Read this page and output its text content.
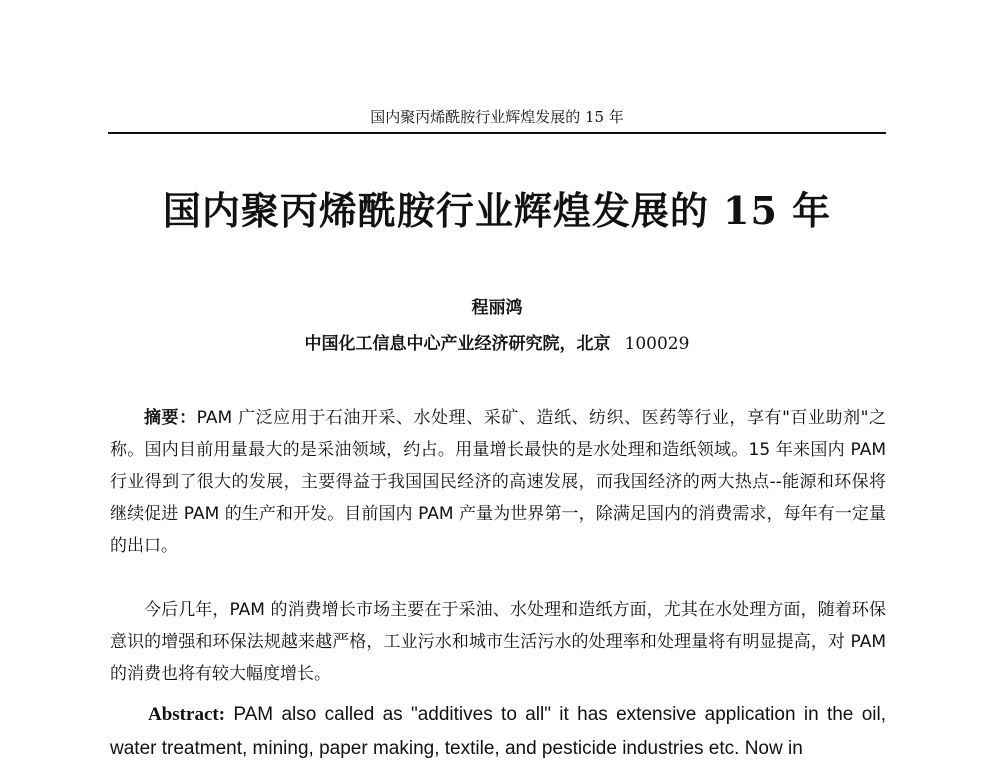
国内聚丙烯酰胺行业辉煌发展的 15 年
国内聚丙烯酰胺行业辉煌发展的 15 年
程丽鸿
中国化工信息中心产业经济研究院，北京 100029
摘要：PAM 广泛应用于石油开采、水处理、采矿、造纸、纺织、医药等行业，享有"百业助剂"之称。国内目前用量最大的是采油领域，约占。用量增长最快的是水处理和造纸领域。15 年来国内 PAM 行业得到了很大的发展，主要得益于我国国民经济的高速发展，而我国经济的两大热点--能源和环保将继续促进 PAM 的生产和开发。目前国内 PAM 产量为世界第一，除满足国内的消费需求，每年有一定量的出口。
今后几年，PAM 的消费增长市场主要在于采油、水处理和造纸方面，尤其在水处理方面，随着环保意识的增强和环保法规越来越严格，工业污水和城市生活污水的处理率和处理量将有明显提高，对 PAM 的消费也将有较大幅度增长。
Abstract: PAM also called as "additives to all" it has extensive application in the oil, water treatment, mining, paper making, textile, and pesticide industries etc. Now in
